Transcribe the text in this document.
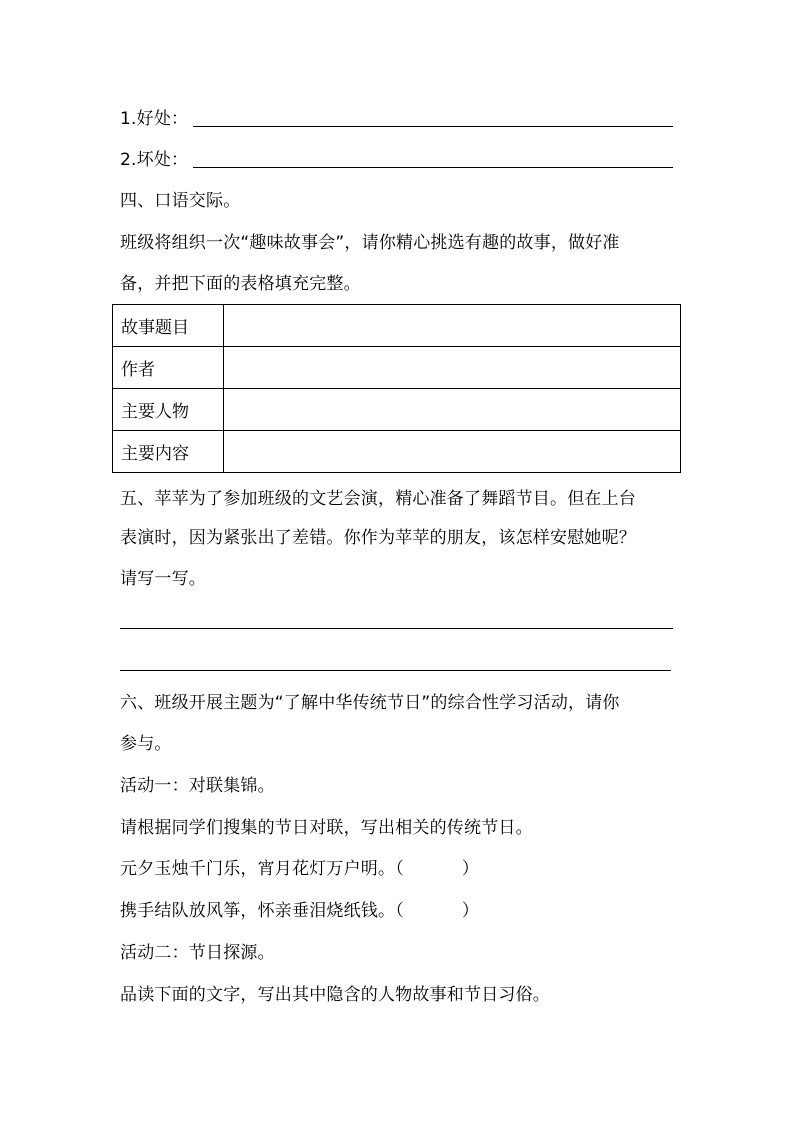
1.好处：
2.坏处：
四、口语交际。
班级将组织一次“趣味故事会”，请你精心挑选有趣的故事，做好准
备，并把下面的表格填充完整。
故事题目	
作者	
主要人物	
主要内容	
五、苹苹为了参加班级的文艺会演，精心准备了舞蹈节目。但在上台
表演时，因为紧张出了差错。你作为苹苹的朋友，该怎样安慰她呢？
请写一写。
六、班级开展主题为“了解中华传统节日”的综合性学习活动，请你
参与。
活动一：对联集锦。
请根据同学们搜集的节日对联，写出相关的传统节日。
元夕玉烛千门乐，宵月花灯万户明。（	）
携手结队放风筝，怀亲垂泪烧纸钱。（	）
活动二：节日探源。
品读下面的文字，写出其中隐含的人物故事和节日习俗。
